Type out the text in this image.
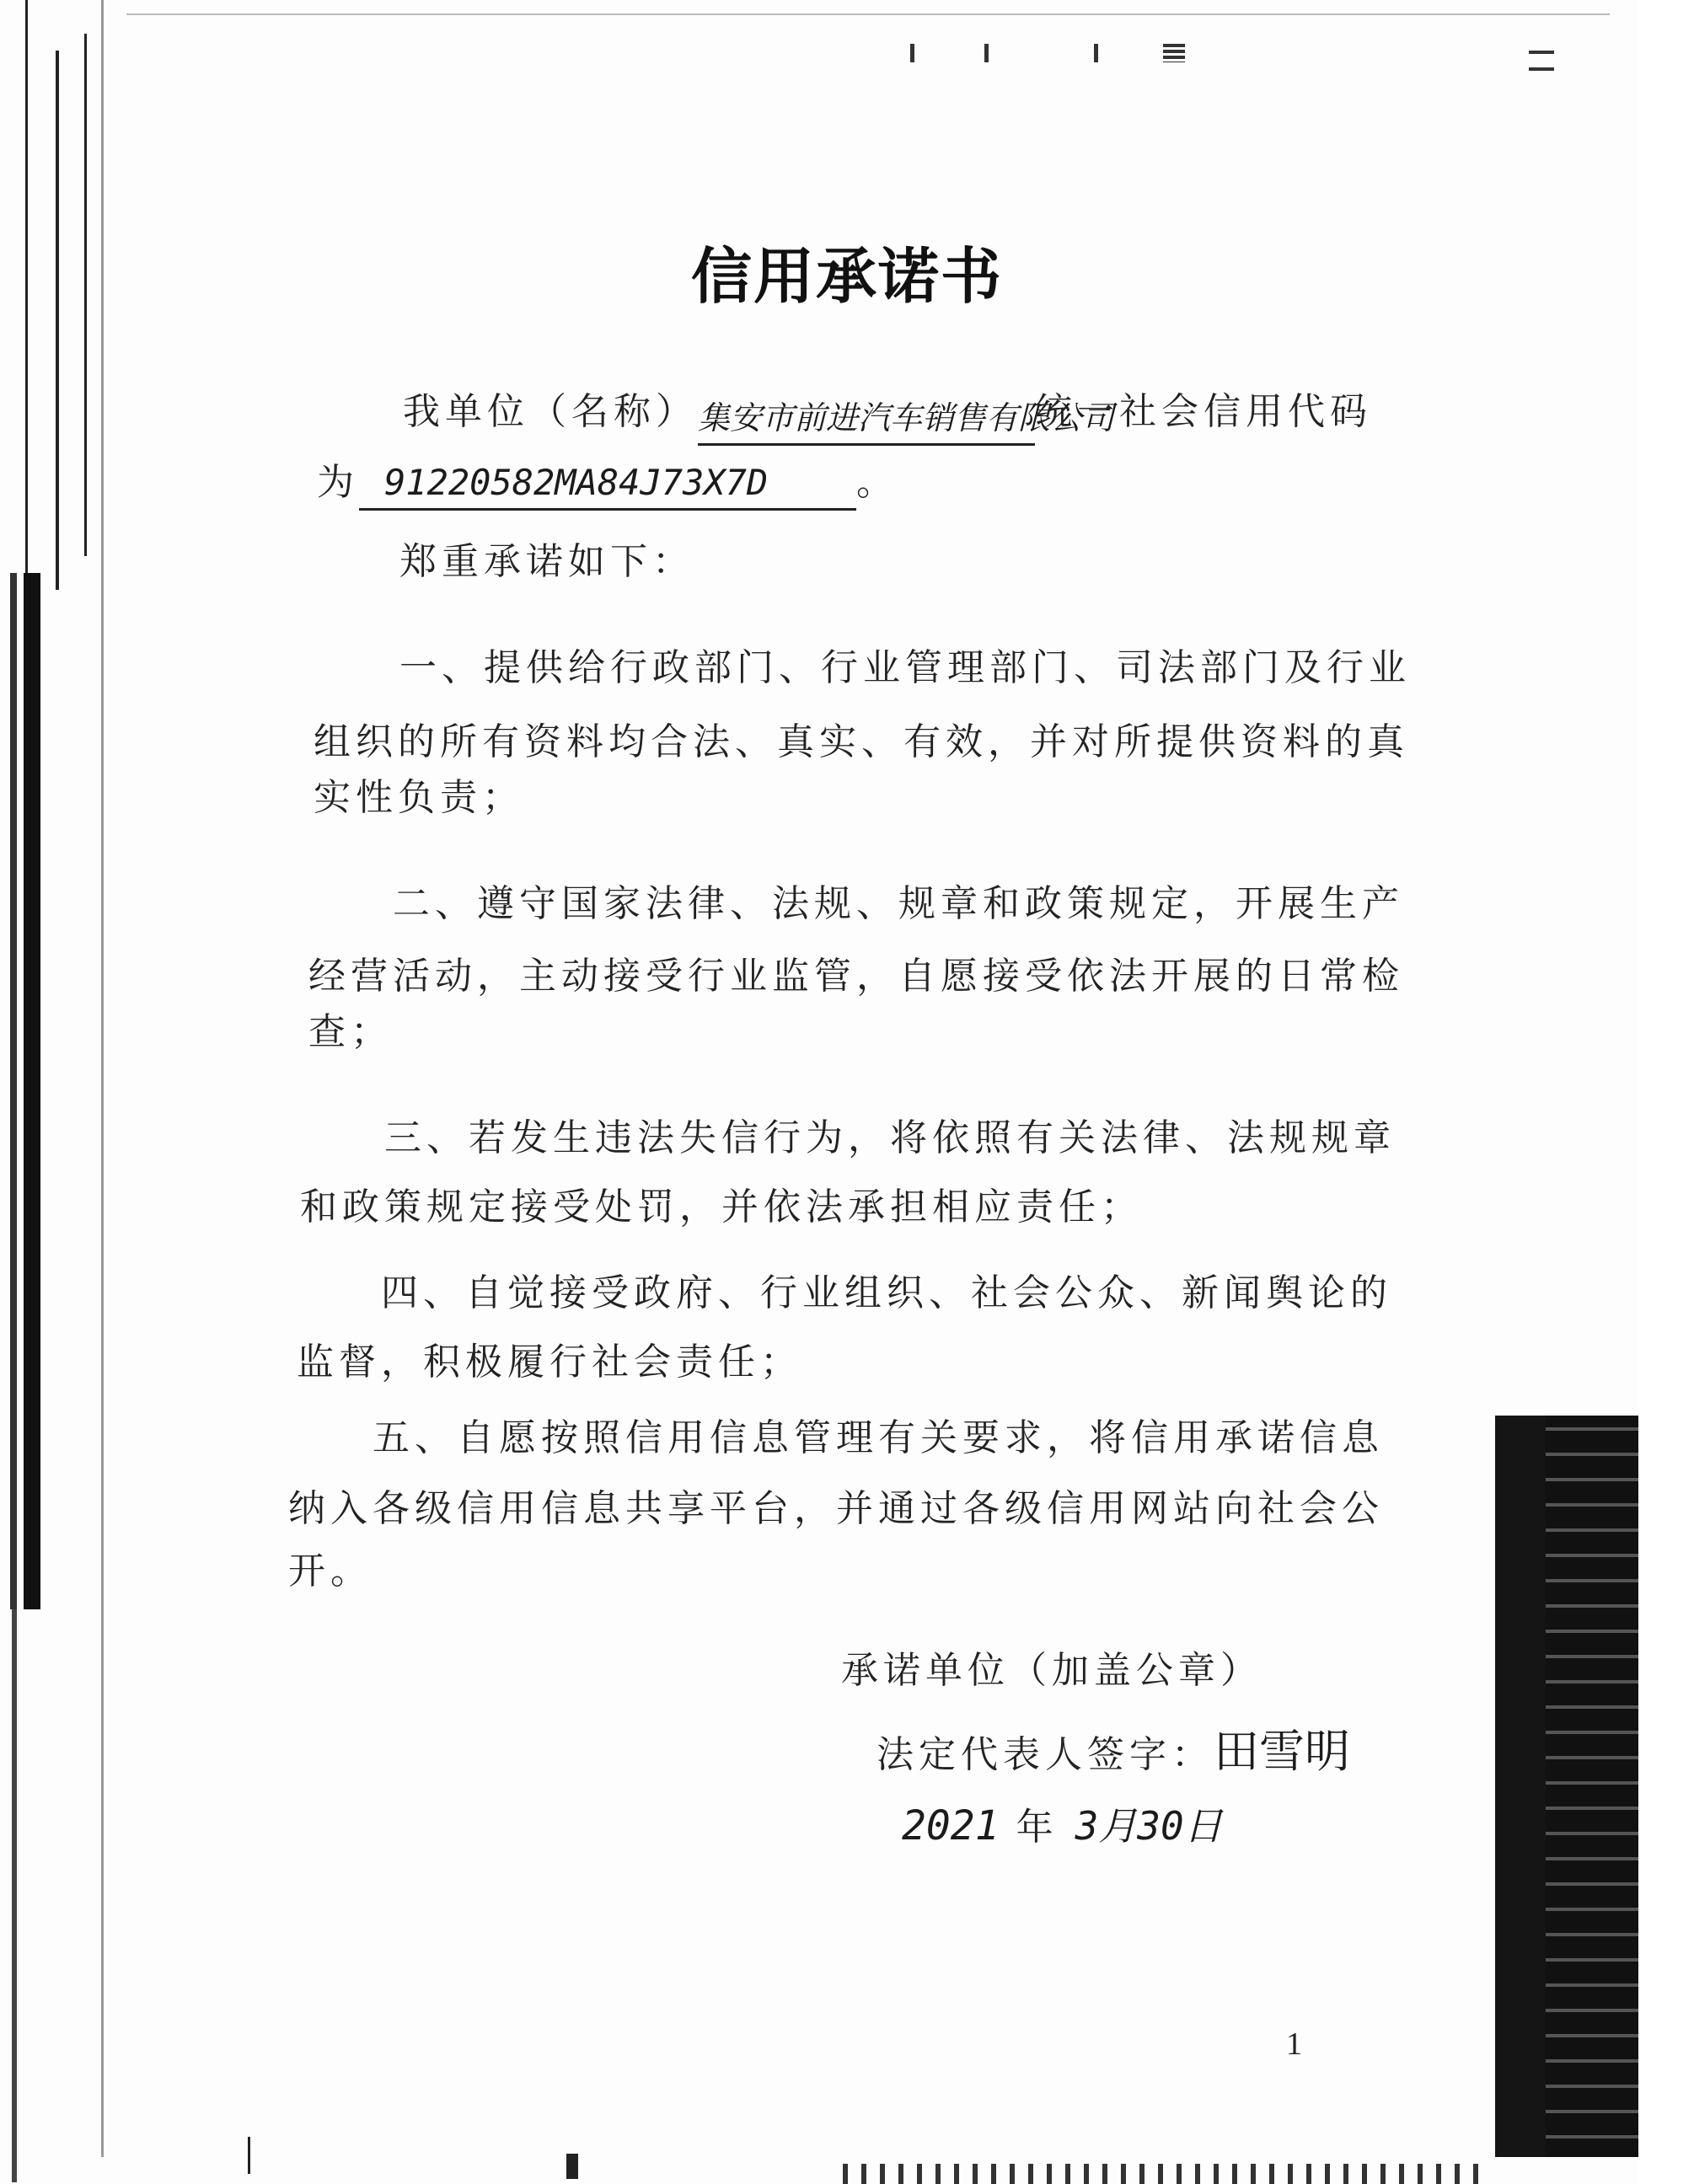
信用承诺书
我单位（名称）集安市前进汽车销售有限公司统一社会信用代码
为 91220582MA84J73X7D 。
郑重承诺如下：
一、提供给行政部门、行业管理部门、司法部门及行业
组织的所有资料均合法、真实、有效，并对所提供资料的真
实性负责；
二、遵守国家法律、法规、规章和政策规定，开展生产
经营活动，主动接受行业监管，自愿接受依法开展的日常检
查；
三、若发生违法失信行为，将依照有关法律、法规规章
和政策规定接受处罚，并依法承担相应责任；
四、自觉接受政府、行业组织、社会公众、新闻舆论的
监督，积极履行社会责任；
五、自愿按照信用信息管理有关要求，将信用承诺信息
纳入各级信用信息共享平台，并通过各级信用网站向社会公
开。
承诺单位（加盖公章）
法定代表人签字：田雪明
2021 年 3月30日
1
